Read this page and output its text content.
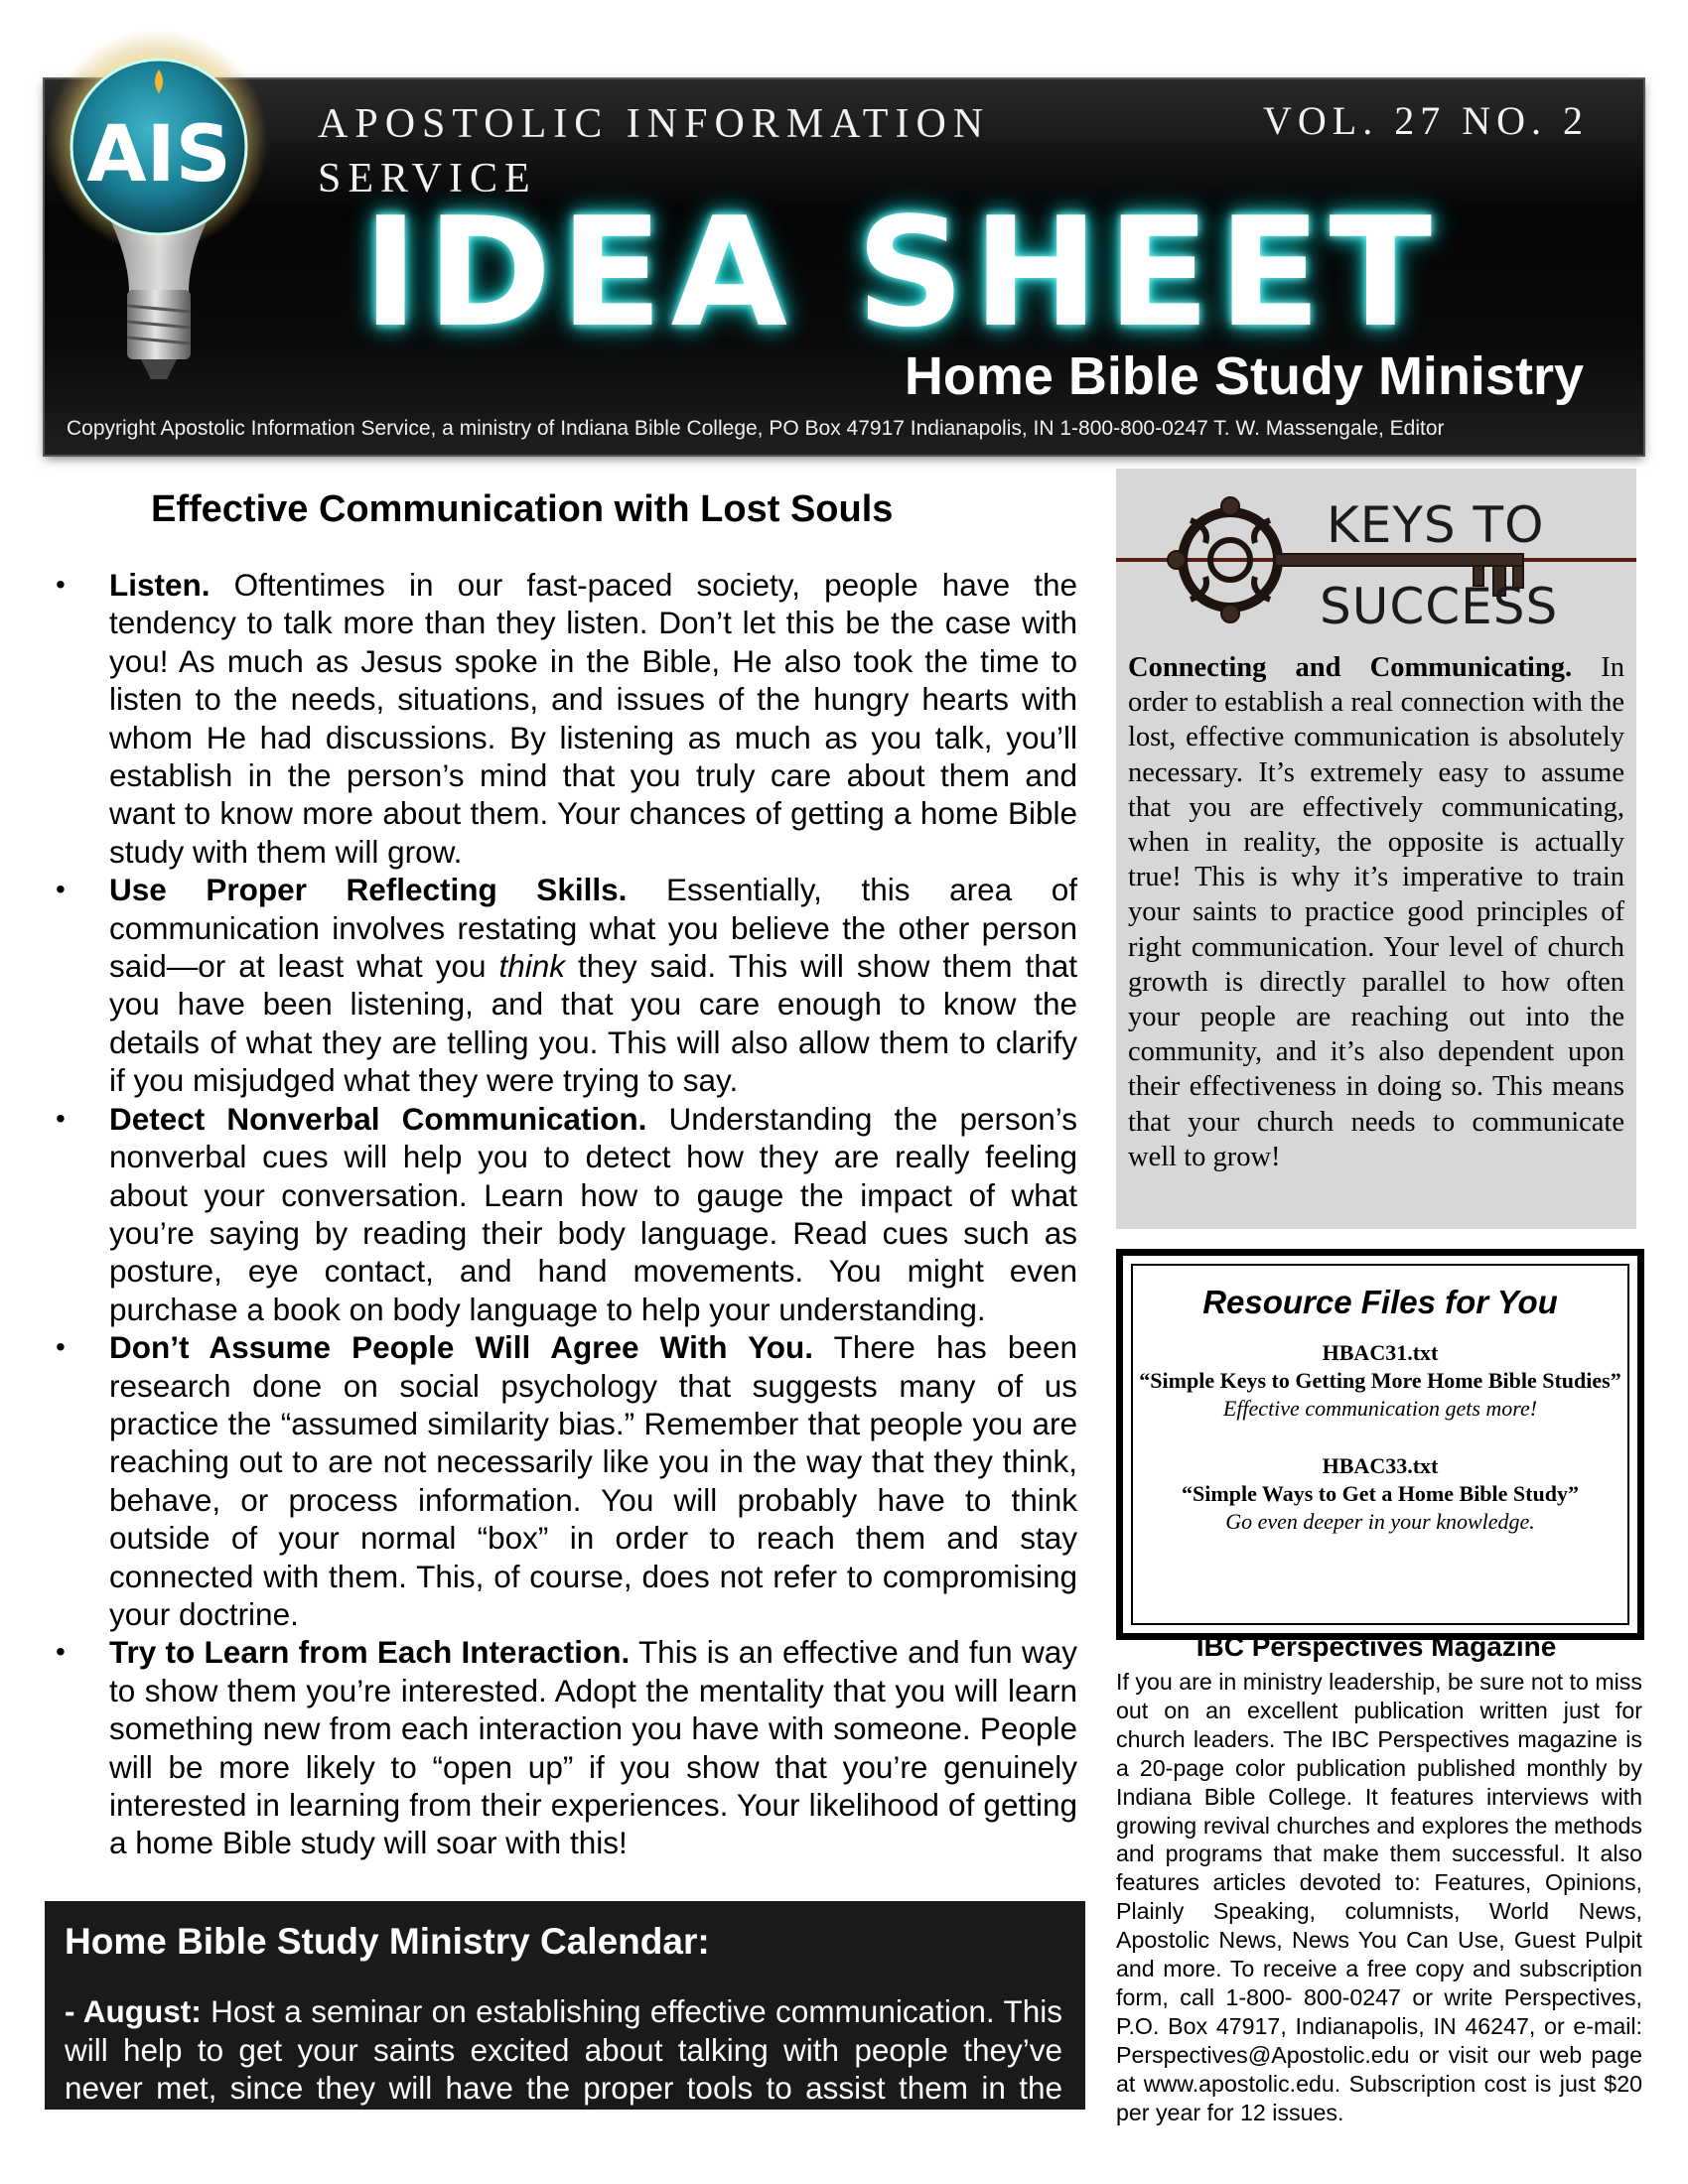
APOSTOLIC INFORMATION SERVICE
VOL. 27 NO. 2
IDEA SHEET
Home Bible Study Ministry
Copyright Apostolic Information Service, a ministry of Indiana Bible College, PO Box 47917 Indianapolis, IN 1-800-800-0247 T. W. Massengale, Editor
AIS
Effective Communication with Lost Souls
• Listen. Oftentimes in our fast-paced society, people have the tendency to talk more than they listen. Don’t let this be the case with you! As much as Jesus spoke in the Bible, He also took the time to listen to the needs, situations, and issues of the hungry hearts with whom He had discussions. By listening as much as you talk, you’ll establish in the person’s mind that you truly care about them and want to know more about them. Your chances of getting a home Bible study with them will grow.
• Use Proper Reflecting Skills. Essentially, this area of communication involves restating what you believe the other person said—or at least what you think they said. This will show them that you have been listening, and that you care enough to know the details of what they are telling you. This will also allow them to clarify if you misjudged what they were trying to say.
• Detect Nonverbal Communication. Understanding the person’s nonverbal cues will help you to detect how they are really feeling about your conversation. Learn how to gauge the impact of what you’re saying by reading their body language. Read cues such as posture, eye contact, and hand movements. You might even purchase a book on body language to help your understanding.
• Don’t Assume People Will Agree With You. There has been research done on social psychology that suggests many of us practice the “assumed similarity bias.” Remember that people you are reaching out to are not necessarily like you in the way that they think, behave, or process information. You will probably have to think outside of your normal “box” in order to reach them and stay connected with them. This, of course, does not refer to compromising your doctrine.
• Try to Learn from Each Interaction. This is an effective and fun way to show them you’re interested. Adopt the mentality that you will learn something new from each interaction you have with someone. People will be more likely to “open up” if you show that you’re genuinely interested in learning from their experiences. Your likelihood of getting a home Bible study will soar with this!
Home Bible Study Ministry Calendar:
- August: Host a seminar on establishing effective communication. This will help to get your saints excited about talking with people they’ve never met, since they will have the proper tools to assist them in the process.
KEYS TO
SUCCESS
Connecting and Communicating. In order to establish a real connection with the lost, effective communication is absolutely necessary. It’s extremely easy to assume that you are effectively communicating, when in reality, the opposite is actually true! This is why it’s imperative to train your saints to practice good principles of right communication. Your level of church growth is directly parallel to how often your people are reaching out into the community, and it’s also dependent upon their effectiveness in doing so. This means that your church needs to communicate well to grow!
Resource Files for You
HBAC31.txt
“Simple Keys to Getting More Home Bible Studies”
Effective communication gets more!
HBAC33.txt
“Simple Ways to Get a Home Bible Study”
Go even deeper in your knowledge.
IBC Perspectives Magazine
If you are in ministry leadership, be sure not to miss out on an excellent publication written just for church leaders. The IBC Perspectives magazine is a 20-page color publication published monthly by Indiana Bible College. It features interviews with growing revival churches and explores the methods and programs that make them successful. It also features articles devoted to: Features, Opinions, Plainly Speaking, columnists, World News, Apostolic News, News You Can Use, Guest Pulpit and more. To receive a free copy and subscription form, call 1-800- 800-0247 or write Perspectives, P.O. Box 47917, Indianapolis, IN 46247, or e-mail: Perspectives@Apostolic.edu or visit our web page at www.apostolic.edu. Subscription cost is just $20 per year for 12 issues.
